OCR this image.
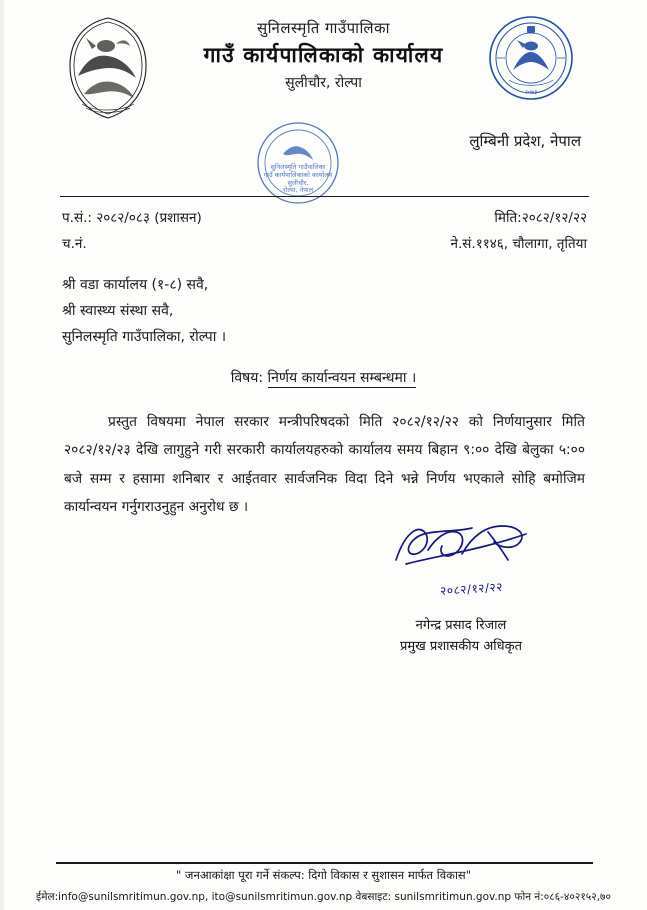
२०७३
सुनिलस्मृति गाउँपालिका
गाउँ कार्यपालिकाको कार्यालय
सुलीचौर, रोल्पा
लुम्बिनी प्रदेश, नेपाल
सुनिलस्मृति गाउँपालिका
गाउँ कार्यपालिकाको कार्यालय
सुलीचौर,
रोल्पा, नेपाल
प.सं.: २०८२/०८३ (प्रशासन)	मिति:२०८२/१२/२२
च.नं.	ने.सं.११४६, चौलागा, तृतिया
श्री वडा कार्यालय (१-८) सवै,
श्री स्वास्थ्य संस्था सवै,
सुनिलस्मृति गाउँपालिका, रोल्पा ।
विषय: निर्णय कार्यान्वयन सम्बन्धमा ।
प्रस्तुत विषयमा नेपाल सरकार मन्त्रीपरिषदको मिति २०८२/१२/२२ को निर्णयानुसार मिति २०८२/१२/२३ देखि लागुहुने गरी सरकारी कार्यालयहरुको कार्यालय समय बिहान ९:०० देखि बेलुका ५:०० बजे सम्म र हसामा शनिबार र आईतवार सार्वजनिक विदा दिने भन्ने निर्णय भएकाले सोहि बमोजिम कार्यान्वयन गर्नुगराउनुहुन अनुरोध छ ।
२०८२/१२/२२
नगेन्द्र प्रसाद रिजाल
प्रमुख प्रशासकीय अधिकृत
" जनआकांक्षा पूरा गर्ने संकल्प: दिगो विकास र सुशासन मार्फत विकास"
ईमेल:info@sunilsmritimun.gov.np, ito@sunilsmritimun.gov.np वेबसाइट: sunilsmritimun.gov.np फोन नं:०८६-४०२१५२,७०
